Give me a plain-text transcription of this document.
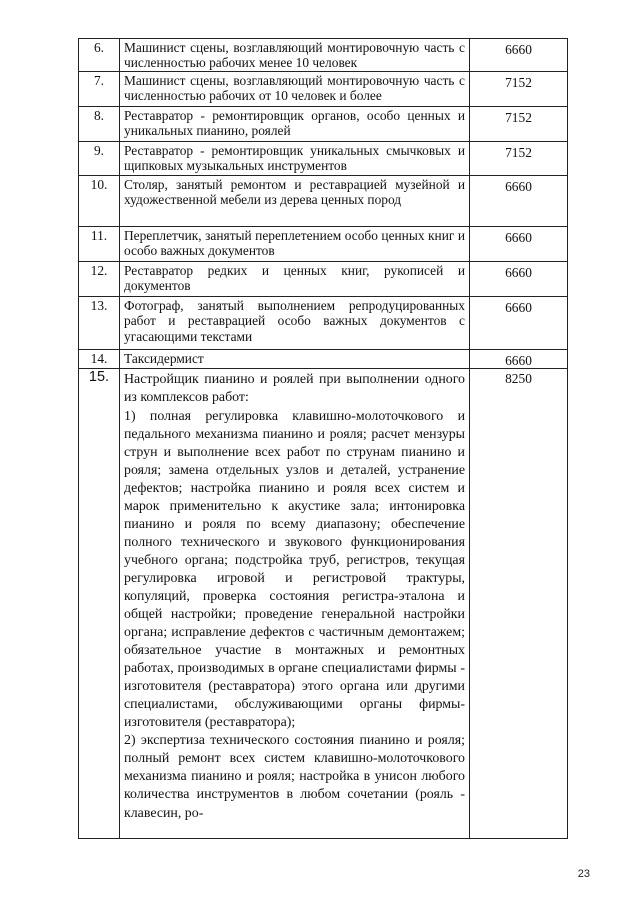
6.	Машинист сцены, возглавляющий монтировочную часть с численностью рабочих менее 10 человек	6660
7.	Машинист сцены, возглавляющий монтировочную часть с численностью рабочих от 10 человек и более	7152
8.	Реставратор - ремонтировщик органов, особо ценных и уникальных пианино, роялей	7152
9.	Реставратор - ремонтировщик уникальных смычковых и щипковых музыкальных инструментов	7152
10.	Столяр, занятый ремонтом и реставрацией музейной и художественной мебели из дерева ценных пород	6660
11.	Переплетчик, занятый переплетением особо ценных книг и особо важных документов	6660
12.	Реставратор редких и ценных книг, рукописей и документов	6660
13.	Фотограф, занятый выполнением репродуцированных работ и реставрацией особо важных документов с угасающими текстами	6660
14.	Таксидермист	6660
15.	Настройщик пианино и роялей при выполнении одного из комплексов работ:
1) полная регулировка клавишно-молоточкового и педального механизма пианино и рояля; расчет мензуры струн и выполнение всех работ по струнам пианино и рояля; замена отдельных узлов и деталей, устранение дефектов; настройка пианино и рояля всех систем и марок применительно к акустике зала; интонировка пианино и рояля по всему диапазону; обеспечение полного технического и звукового функционирования учебного органа; подстройка труб, регистров, текущая регулировка игровой и регистровой трактуры, копуляций, проверка состояния регистра-эталона и общей настройки; проведение генеральной настройки органа; исправление дефектов с частичным демонтажем; обязательное участие в монтажных и ремонтных работах, производимых в органе специалистами фирмы - изготовителя (реставратора) этого органа или другими специалистами, обслуживающими органы фирмы-изготовителя (реставратора);
2) экспертиза технического состояния пианино и рояля; полный ремонт всех систем клавишно-молоточкового механизма пианино и рояля; настройка в унисон любого количества инструментов в любом сочетании (рояль - клавесин, ро-	8250
23
